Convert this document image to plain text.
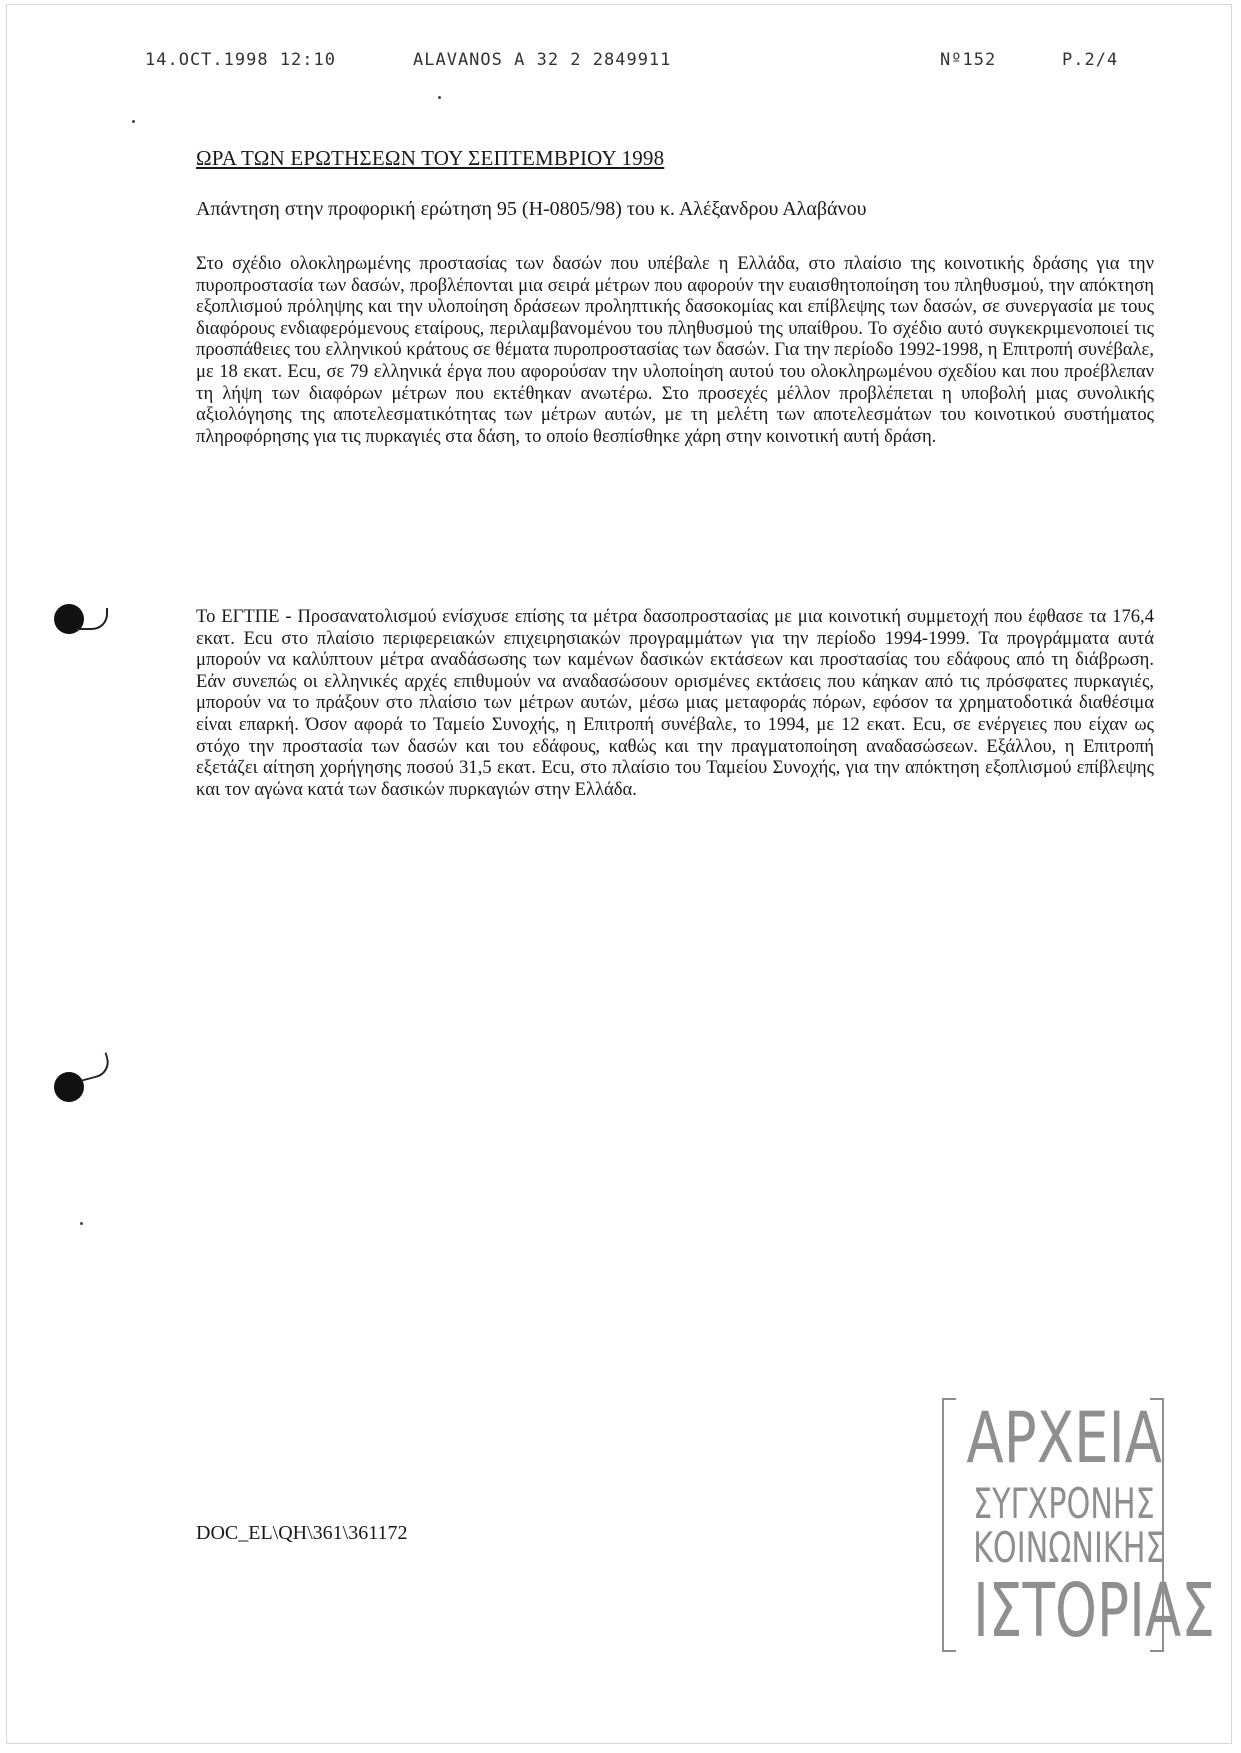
14.OCT.1998 12:10	ALAVANOS A 32 2 2849911	Nº152	P.2/4
ΩΡΑ ΤΩΝ ΕΡΩΤΗΣΕΩΝ ΤΟΥ ΣΕΠΤΕΜΒΡΙΟΥ 1998
Απάντηση στην προφορική ερώτηση 95 (H-0805/98) του κ. Αλέξανδρου Αλαβάνου

Στο σχέδιο ολοκληρωμένης προστασίας των δασών που υπέβαλε η Ελλάδα, στο πλαίσιο της κοινοτικής δράσης για την πυροπροστασία των δασών, προβλέπονται μια σειρά μέτρων που αφορούν την ευαισθητοποίηση του πληθυσμού, την απόκτηση εξοπλισμού πρόληψης και την υλοποίηση δράσεων προληπτικής δασοκομίας και επίβλεψης των δασών, σε συνεργασία με τους διαφόρους ενδιαφερόμενους εταίρους, περιλαμβανομένου του πληθυσμού της υπαίθρου. Το σχέδιο αυτό συγκεκριμενοποιεί τις προσπάθειες του ελληνικού κράτους σε θέματα πυροπροστασίας των δασών. Για την περίοδο 1992-1998, η Επιτροπή συνέβαλε, με 18 εκατ. Ecu, σε 79 ελληνικά έργα που αφορούσαν την υλοποίηση αυτού του ολοκληρωμένου σχεδίου και που προέβλεπαν τη λήψη των διαφόρων μέτρων που εκτέθηκαν ανωτέρω. Στο προσεχές μέλλον προβλέπεται η υποβολή μιας συνολικής αξιολόγησης της αποτελεσματικότητας των μέτρων αυτών, με τη μελέτη των αποτελεσμάτων του κοινοτικού συστήματος πληροφόρησης για τις πυρκαγιές στα δάση, το οποίο θεσπίσθηκε χάρη στην κοινοτική αυτή δράση.

Το ΕΓΤΠΕ - Προσανατολισμού ενίσχυσε επίσης τα μέτρα δασοπροστασίας με μια κοινοτική συμμετοχή που έφθασε τα 176,4 εκατ. Ecu στο πλαίσιο περιφερειακών επιχειρησιακών προγραμμάτων για την περίοδο 1994-1999. Τα προγράμματα αυτά μπορούν να καλύπτουν μέτρα αναδάσωσης των καμένων δασικών εκτάσεων και προστασίας του εδάφους από τη διάβρωση. Εάν συνεπώς οι ελληνικές αρχές επιθυμούν να αναδασώσουν ορισμένες εκτάσεις που κάηκαν από τις πρόσφατες πυρκαγιές, μπορούν να το πράξουν στο πλαίσιο των μέτρων αυτών, μέσω μιας μεταφοράς πόρων, εφόσον τα χρηματοδοτικά διαθέσιμα είναι επαρκή. Όσον αφορά το Ταμείο Συνοχής, η Επιτροπή συνέβαλε, το 1994, με 12 εκατ. Ecu, σε ενέργειες που είχαν ως στόχο την προστασία των δασών και του εδάφους, καθώς και την πραγματοποίηση αναδασώσεων. Εξάλλου, η Επιτροπή εξετάζει αίτηση χορήγησης ποσού 31,5 εκατ. Ecu, στο πλαίσιο του Ταμείου Συνοχής, για την απόκτηση εξοπλισμού επίβλεψης και τον αγώνα κατά των δασικών πυρκαγιών στην Ελλάδα.

DOC_EL\QH\361\361172
ΑΡΧΕΙΑ
ΣΥΓΧΡΟΝΗΣ
ΚΟΙΝΩΝΙΚΗΣ
ΙΣΤΟΡΙΑΣ
